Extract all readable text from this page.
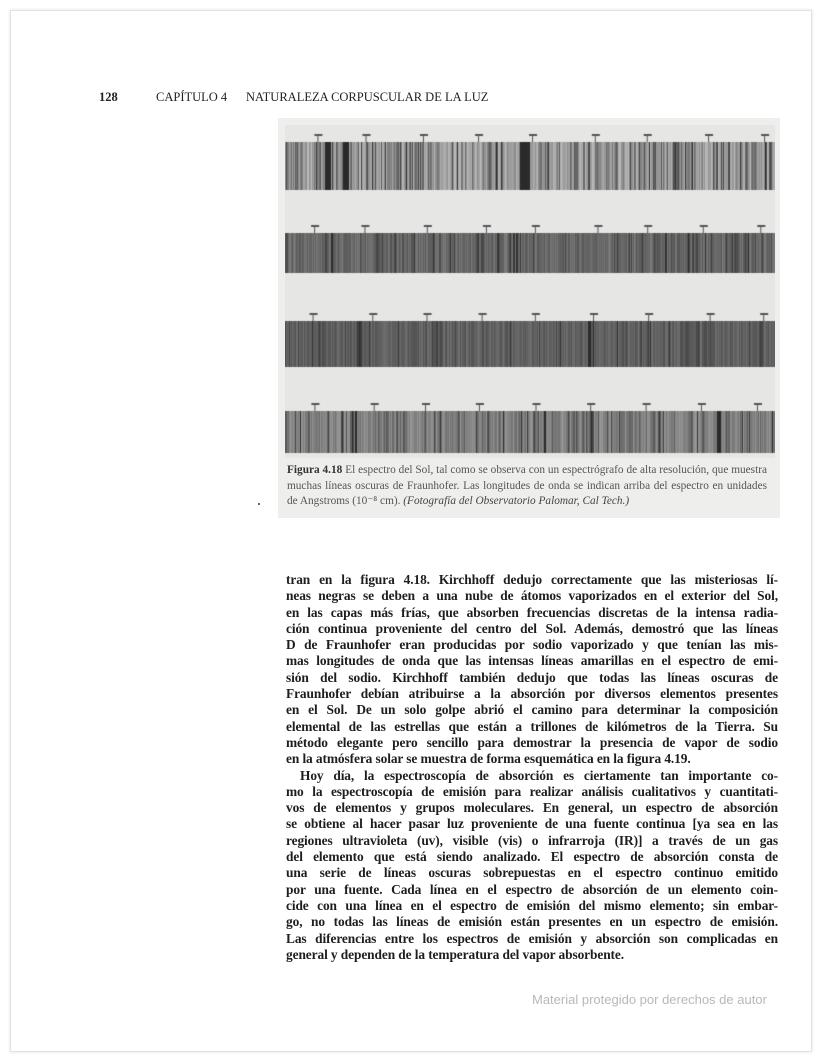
128	CAPÍTULO 4 NATURALEZA CORPUSCULAR DE LA LUZ
Figura 4.18 El espectro del Sol, tal como se observa con un espectrógrafo de alta resolución, que muestra muchas líneas oscuras de Fraunhofer. Las longitudes de onda se indican arriba del espectro en unidades de Angstroms (10⁻⁸ cm). (Fotografía del Observatorio Palomar, Cal Tech.)
tran en la figura 4.18. Kirchhoff dedujo correctamente que las misteriosas lí-
neas negras se deben a una nube de átomos vaporizados en el exterior del Sol,
en las capas más frías, que absorben frecuencias discretas de la intensa radia-
ción continua proveniente del centro del Sol. Además, demostró que las líneas
D de Fraunhofer eran producidas por sodio vaporizado y que tenían las mis-
mas longitudes de onda que las intensas líneas amarillas en el espectro de emi-
sión del sodio. Kirchhoff también dedujo que todas las líneas oscuras de
Fraunhofer debían atribuirse a la absorción por diversos elementos presentes
en el Sol. De un solo golpe abrió el camino para determinar la composición
elemental de las estrellas que están a trillones de kilómetros de la Tierra. Su
método elegante pero sencillo para demostrar la presencia de vapor de sodio
en la atmósfera solar se muestra de forma esquemática en la figura 4.19.
Hoy día, la espectroscopía de absorción es ciertamente tan importante co-
mo la espectroscopía de emisión para realizar análisis cualitativos y cuantitati-
vos de elementos y grupos moleculares. En general, un espectro de absorción
se obtiene al hacer pasar luz proveniente de una fuente continua [ya sea en las
regiones ultravioleta (uv), visible (vis) o infrarroja (IR)] a través de un gas
del elemento que está siendo analizado. El espectro de absorción consta de
una serie de líneas oscuras sobrepuestas en el espectro continuo emitido
por una fuente. Cada línea en el espectro de absorción de un elemento coin-
cide con una línea en el espectro de emisión del mismo elemento; sin embar-
go, no todas las líneas de emisión están presentes en un espectro de emisión.
Las diferencias entre los espectros de emisión y absorción son complicadas en
general y dependen de la temperatura del vapor absorbente.
Material protegido por derechos de autor
